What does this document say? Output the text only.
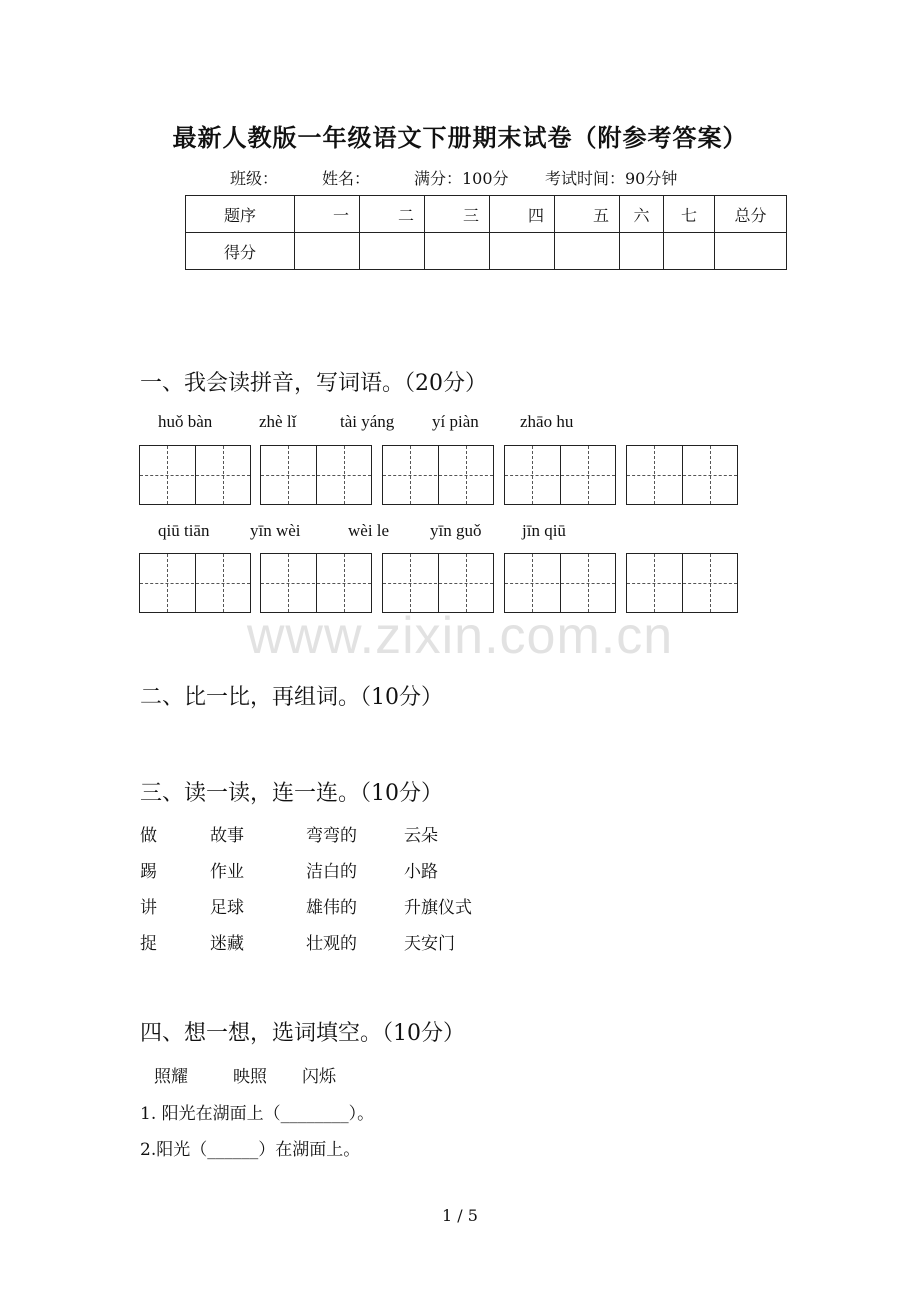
最新人教版一年级语文下册期末试卷（附参考答案）
班级：	姓名：	满分：100分 考试时间：90分钟
题序	一	二	三	四	五	六	七	总分
得分								
一、我会读拼音，写词语。（20分）
huǒ bàn	zhè lǐ	tài yáng yí piàn zhāo hu
qiū tiān yīn wèi	wèi le yīn guǒ jīn qiū
www.zixin.com.cn
二、比一比，再组词。（10分）
三、读一读，连一连。（10分）
做	故事	弯弯的	云朵
踢	作业	洁白的	小路
讲	足球	雄伟的	升旗仪式
捉	迷藏	壮观的	天安门
四、想一想，选词填空。（10分）
照耀	映照 闪烁
1. 阳光在湖面上（________）。
2.阳光（______）在湖面上。
1 / 5
